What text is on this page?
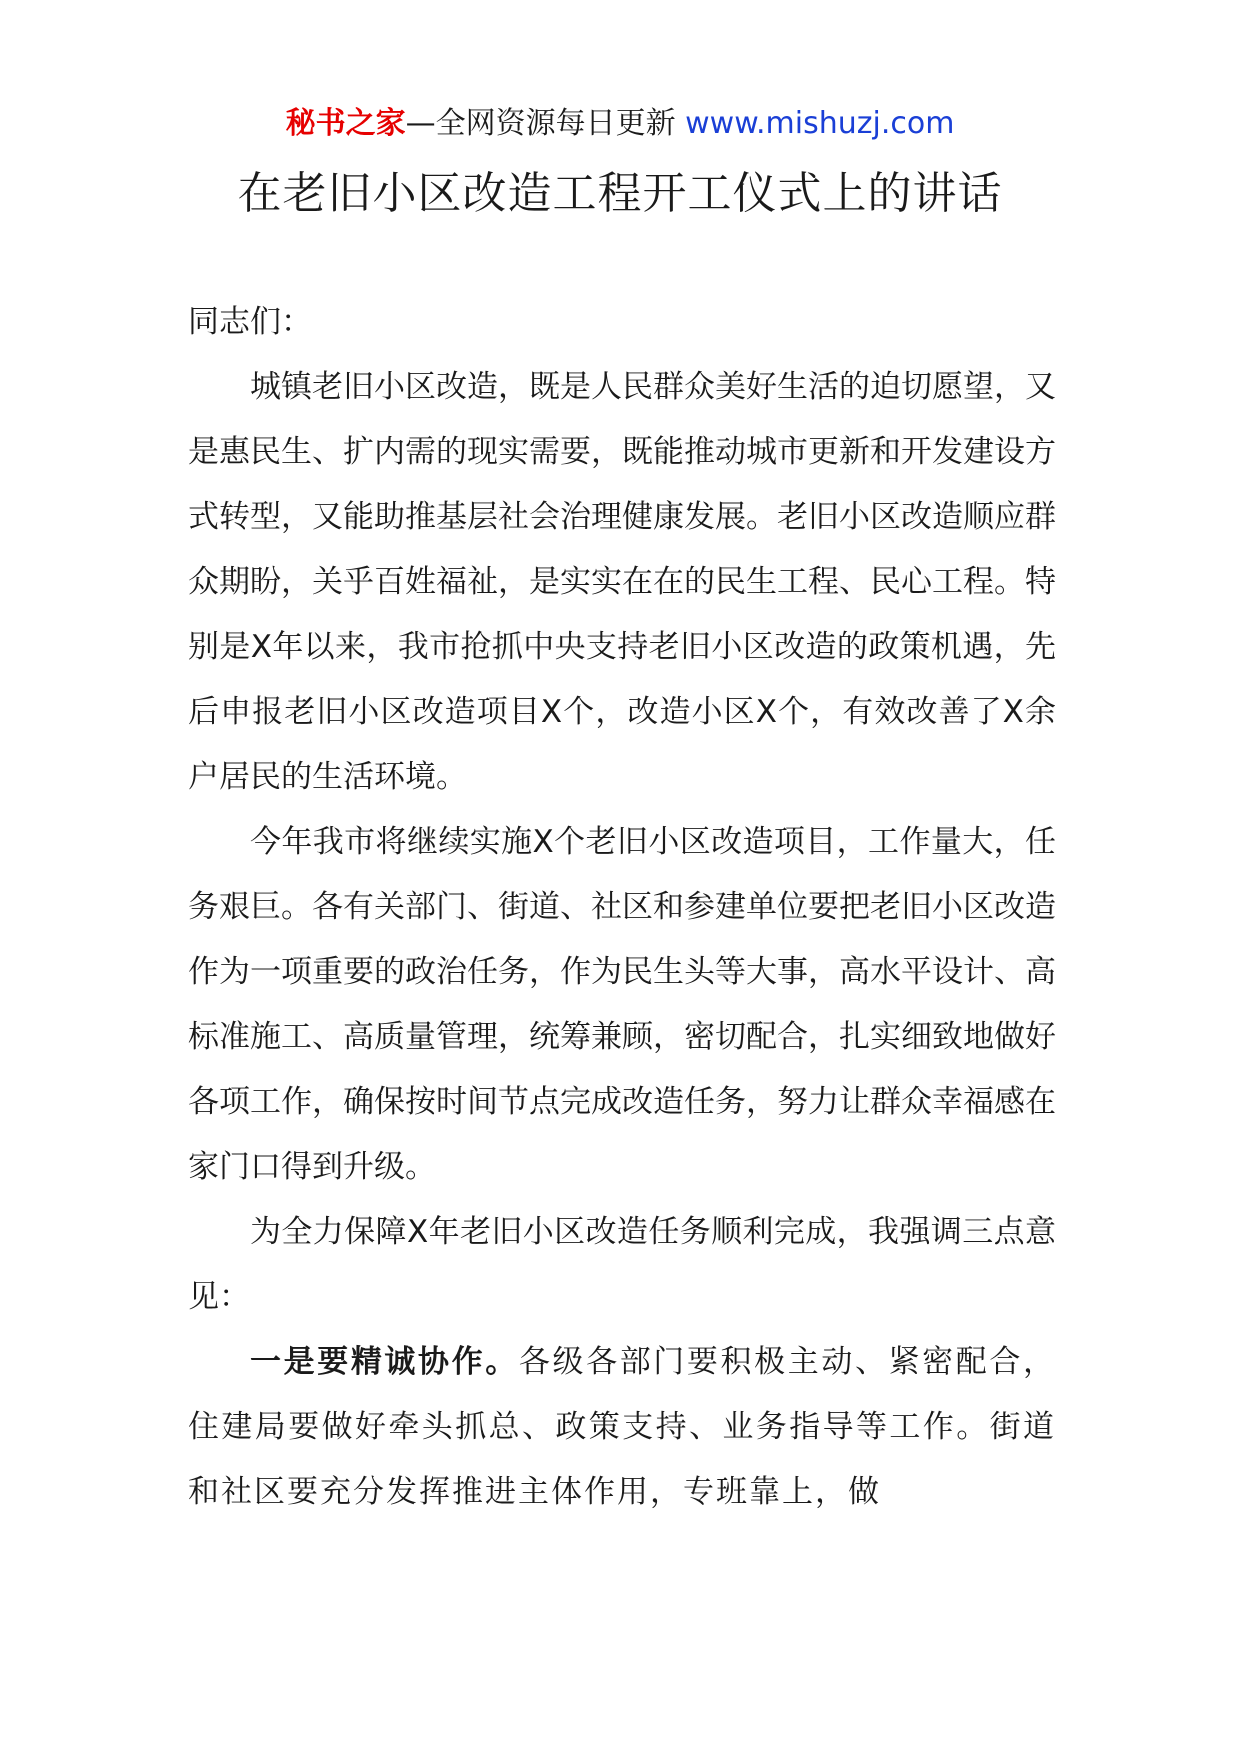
秘书之家—全网资源每日更新 www.mishuzj.com
在老旧小区改造工程开工仪式上的讲话

同志们：

城镇老旧小区改造，既是人民群众美好生活的迫切愿望，又是惠民生、扩内需的现实需要，既能推动城市更新和开发建设方式转型，又能助推基层社会治理健康发展。老旧小区改造顺应群众期盼，关乎百姓福祉，是实实在在的民生工程、民心工程。特别是X年以来，我市抢抓中央支持老旧小区改造的政策机遇，先后申报老旧小区改造项目X个，改造小区X个，有效改善了X余户居民的生活环境。

今年我市将继续实施X个老旧小区改造项目，工作量大，任务艰巨。各有关部门、街道、社区和参建单位要把老旧小区改造作为一项重要的政治任务，作为民生头等大事，高水平设计、高标准施工、高质量管理，统筹兼顾，密切配合，扎实细致地做好各项工作，确保按时间节点完成改造任务，努力让群众幸福感在家门口得到升级。

为全力保障X年老旧小区改造任务顺利完成，我强调三点意见：

一是要精诚协作。各级各部门要积极主动、紧密配合，住建局要做好牵头抓总、政策支持、业务指导等工作。街道和社区要充分发挥推进主体作用，专班靠上，做
